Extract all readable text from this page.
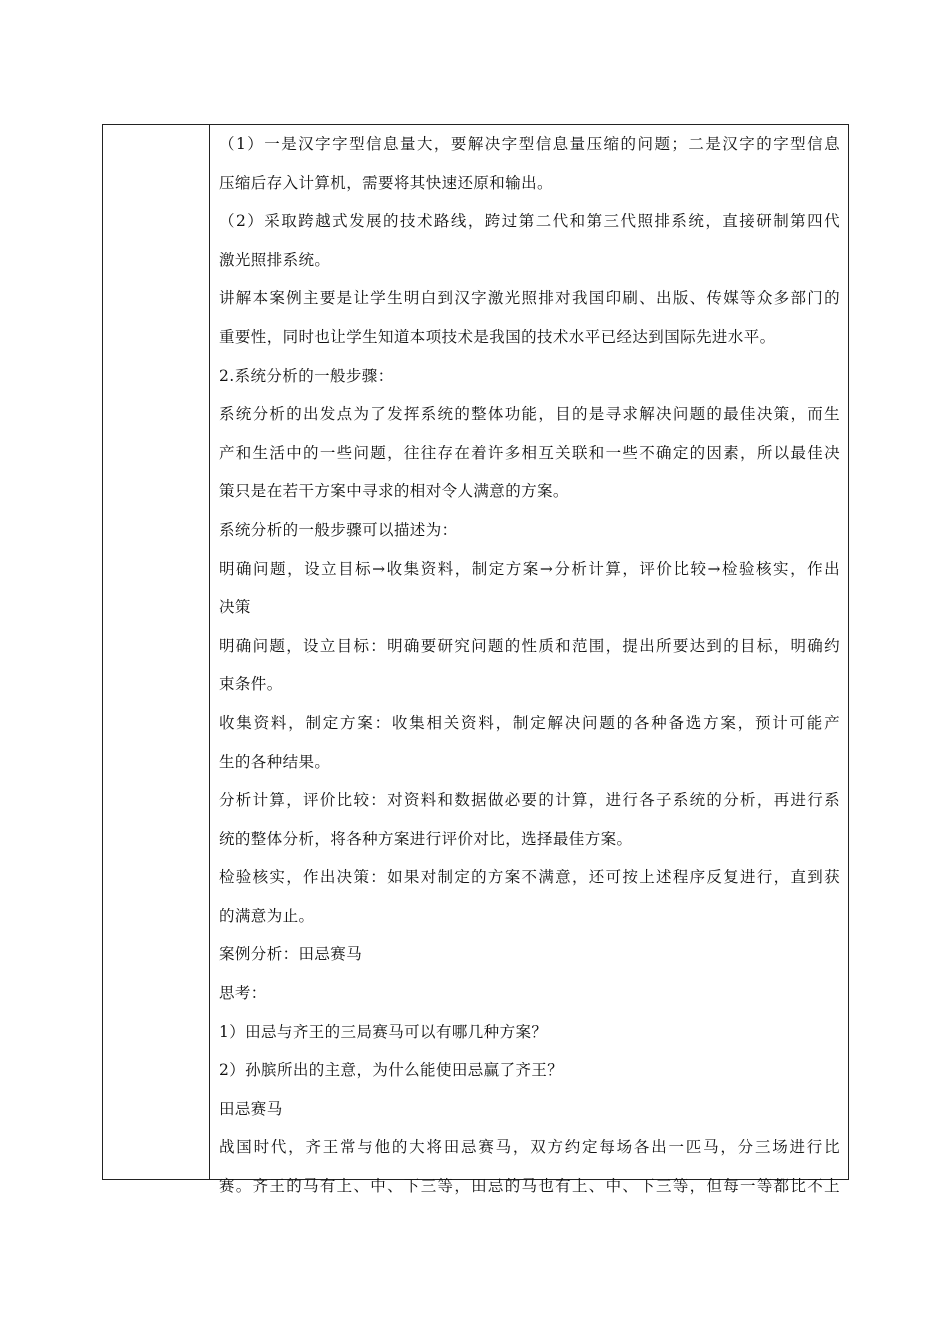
（1）一是汉字字型信息量大，要解决字型信息量压缩的问题；二是汉字的字型信息
压缩后存入计算机，需要将其快速还原和输出。
（2）采取跨越式发展的技术路线，跨过第二代和第三代照排系统，直接研制第四代
激光照排系统。
讲解本案例主要是让学生明白到汉字激光照排对我国印刷、出版、传媒等众多部门的
重要性，同时也让学生知道本项技术是我国的技术水平已经达到国际先进水平。
2.系统分析的一般步骤：
系统分析的出发点为了发挥系统的整体功能，目的是寻求解决问题的最佳决策，而生
产和生活中的一些问题，往往存在着许多相互关联和一些不确定的因素，所以最佳决
策只是在若干方案中寻求的相对令人满意的方案。
系统分析的一般步骤可以描述为：
明确问题，设立目标→收集资料，制定方案→分析计算，评价比较→检验核实，作出
决策
明确问题，设立目标：明确要研究问题的性质和范围，提出所要达到的目标，明确约
束条件。
收集资料，制定方案：收集相关资料，制定解决问题的各种备选方案，预计可能产
生的各种结果。
分析计算，评价比较：对资料和数据做必要的计算，进行各子系统的分析，再进行系
统的整体分析，将各种方案进行评价对比，选择最佳方案。
检验核实，作出决策：如果对制定的方案不满意，还可按上述程序反复进行，直到获
的满意为止。
案例分析：田忌赛马
思考：
1）田忌与齐王的三局赛马可以有哪几种方案？
2）孙膑所出的主意，为什么能使田忌赢了齐王？
田忌赛马
战国时代，齐王常与他的大将田忌赛马，双方约定每场各出一匹马，分三场进行比
赛。齐王的马有上、中、下三等，田忌的马也有上、中、下三等，但每一等都比不上
